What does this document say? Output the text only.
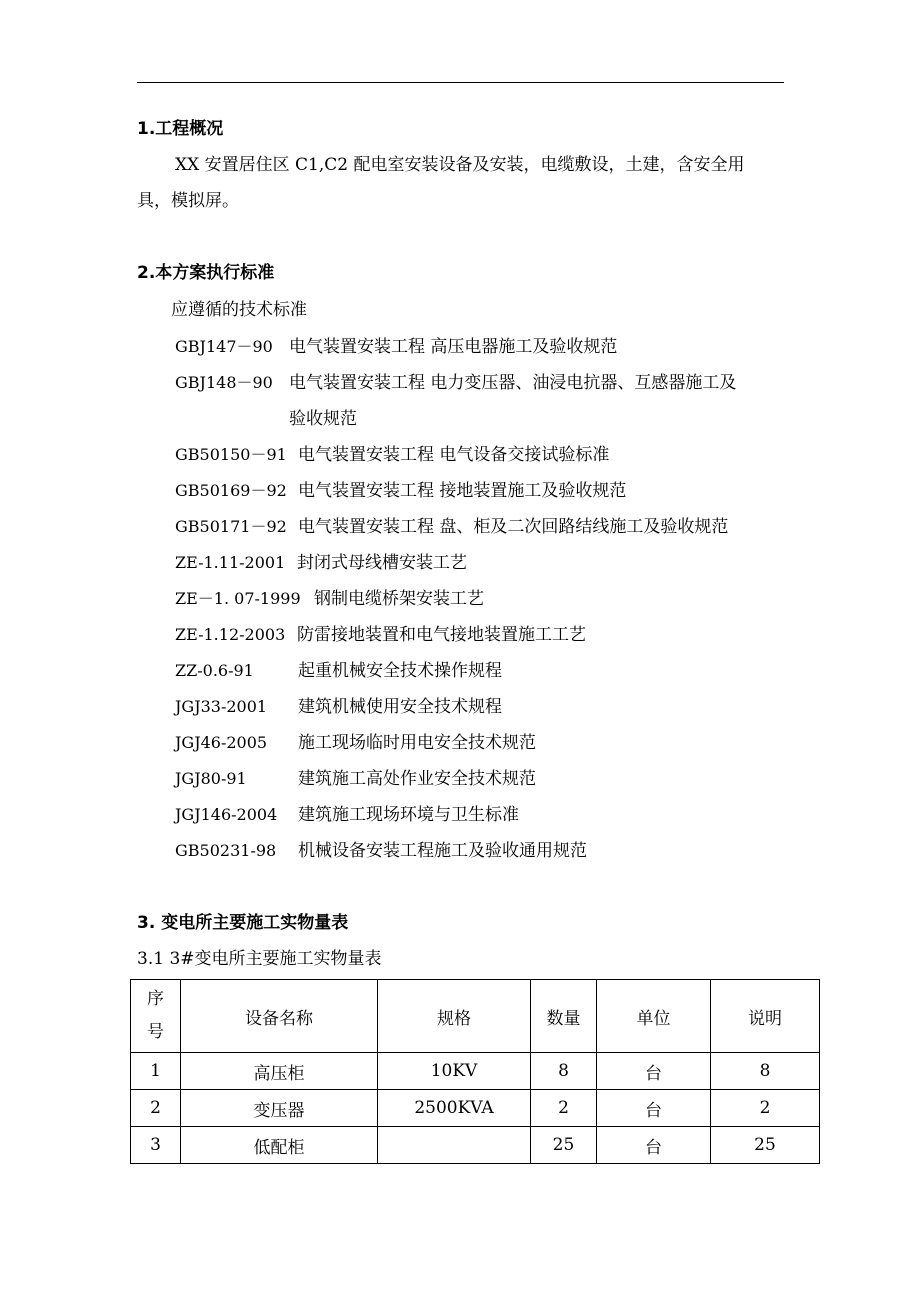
1.工程概况
XX 安置居住区 C1,C2 配电室安装设备及安装，电缆敷设，土建，含安全用
具，模拟屏。
2.本方案执行标准
应遵循的技术标准
GBJ147－90 电气装置安装工程 高压电器施工及验收规范
GBJ148－90 电气装置安装工程 电力变压器、油浸电抗器、互感器施工及
验收规范
GB50150－91 电气装置安装工程 电气设备交接试验标准
GB50169－92 电气装置安装工程 接地装置施工及验收规范
GB50171－92 电气装置安装工程 盘、柜及二次回路结线施工及验收规范
ZE-1.11-2001 封闭式母线槽安装工艺
ZE－1. 07-1999 钢制电缆桥架安装工艺
ZE-1.12-2003 防雷接地装置和电气接地装置施工工艺
ZZ-0.6-91	起重机械安全技术操作规程
JGJ33-2001 建筑机械使用安全技术规程
JGJ46-2005 施工现场临时用电安全技术规范
JGJ80-91	建筑施工高处作业安全技术规范
JGJ146-2004 建筑施工现场环境与卫生标准
GB50231-98 机械设备安装工程施工及验收通用规范
3. 变电所主要施工实物量表
3.1 3#变电所主要施工实物量表
序
号	设备名称	规格	数量	单位	说明
1	高压柜	10KV	8	台	8
2	变压器	2500KVA	2	台	2
3	低配柜		25	台	25
